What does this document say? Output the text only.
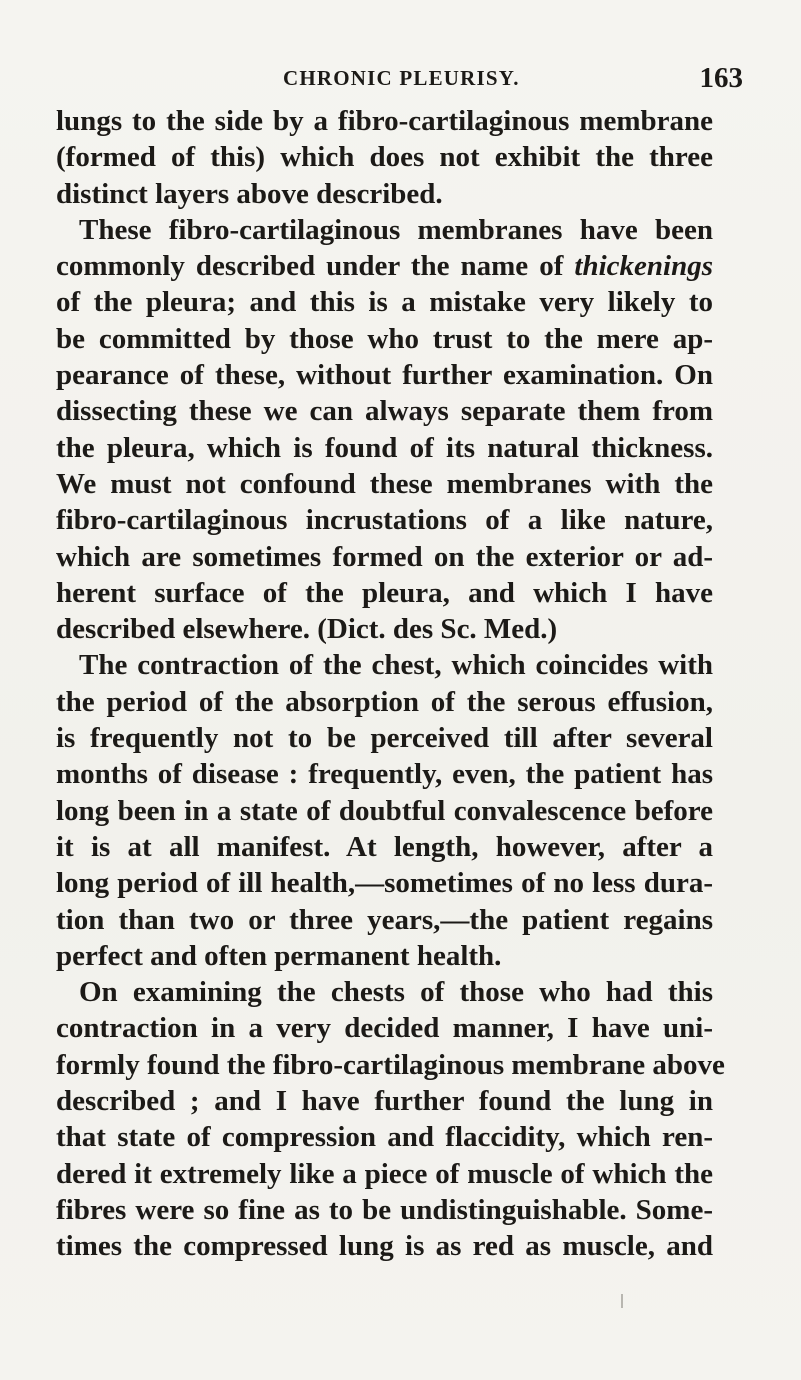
CHRONIC PLEURISY.	163
lungs to the side by a fibro-cartilaginous membrane
(formed of this) which does not exhibit the three
distinct layers above described.
These fibro-cartilaginous membranes have been
commonly described under the name of thickenings
of the pleura; and this is a mistake very likely to
be committed by those who trust to the mere ap-
pearance of these, without further examination. On
dissecting these we can always separate them from
the pleura, which is found of its natural thickness.
We must not confound these membranes with the
fibro-cartilaginous incrustations of a like nature,
which are sometimes formed on the exterior or ad-
herent surface of the pleura, and which I have
described elsewhere. (Dict. des Sc. Med.)
The contraction of the chest, which coincides with
the period of the absorption of the serous effusion,
is frequently not to be perceived till after several
months of disease : frequently, even, the patient has
long been in a state of doubtful convalescence before
it is at all manifest. At length, however, after a
long period of ill health,—sometimes of no less dura-
tion than two or three years,—the patient regains
perfect and often permanent health.
On examining the chests of those who had this
contraction in a very decided manner, I have uni-
formly found the fibro-cartilaginous membrane above
described ; and I have further found the lung in
that state of compression and flaccidity, which ren-
dered it extremely like a piece of muscle of which the
fibres were so fine as to be undistinguishable. Some-
times the compressed lung is as red as muscle, and
